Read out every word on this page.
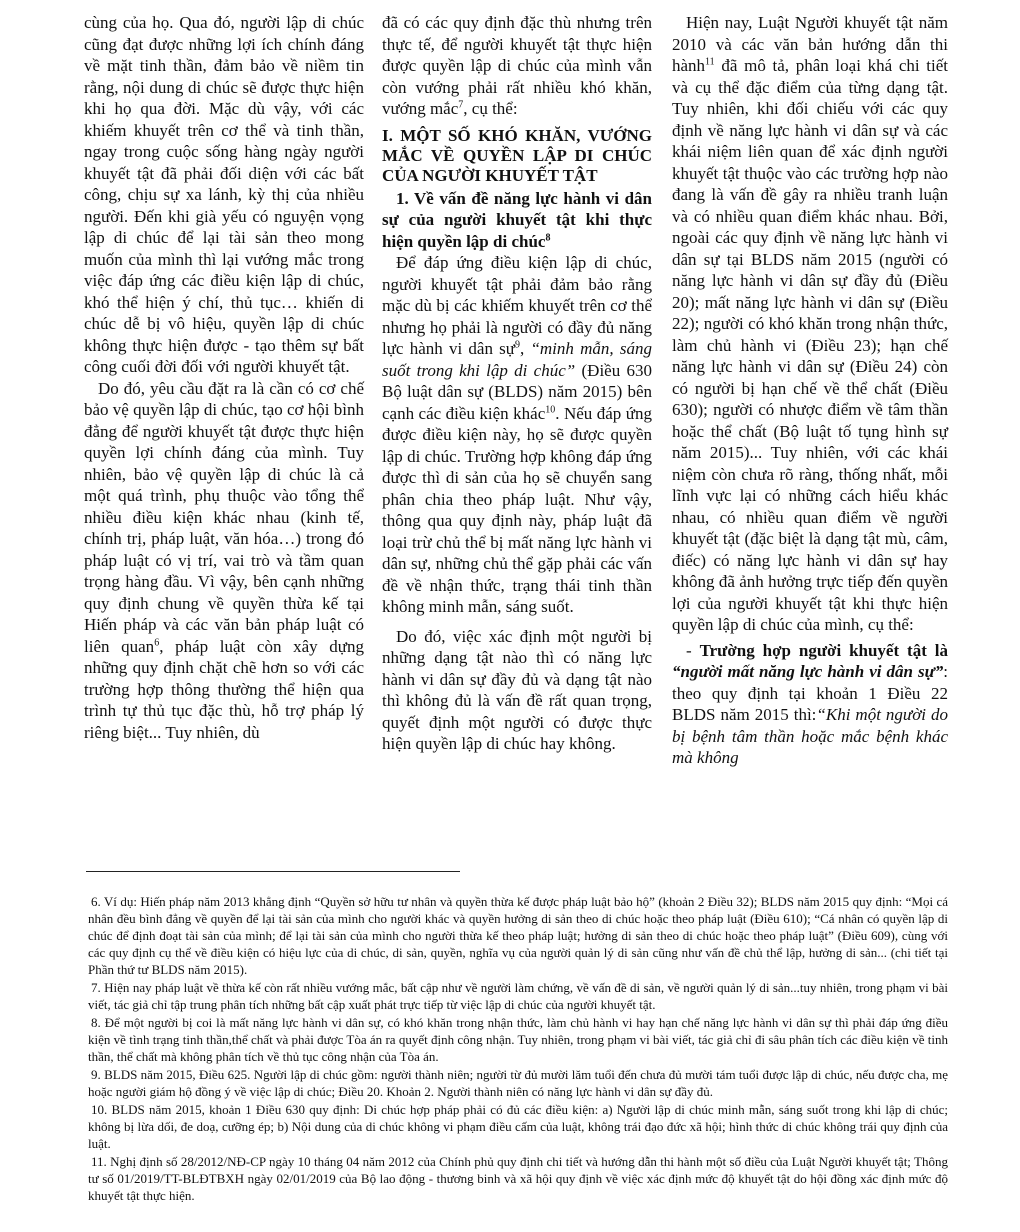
cùng của họ. Qua đó, người lập di chúc cũng đạt được những lợi ích chính đáng về mặt tinh thần, đảm bảo về niềm tin rằng, nội dung di chúc sẽ được thực hiện khi họ qua đời. Mặc dù vậy, với các khiếm khuyết trên cơ thể và tinh thần, ngay trong cuộc sống hàng ngày người khuyết tật đã phải đối diện với các bất công, chịu sự xa lánh, kỳ thị của nhiều người. Đến khi già yếu có nguyện vọng lập di chúc để lại tài sản theo mong muốn của mình thì lại vướng mắc trong việc đáp ứng các điều kiện lập di chúc, khó thể hiện ý chí, thủ tục… khiến di chúc dễ bị vô hiệu, quyền lập di chúc không thực hiện được - tạo thêm sự bất công cuối đời đối với người khuyết tật.

Do đó, yêu cầu đặt ra là cần có cơ chế bảo vệ quyền lập di chúc, tạo cơ hội bình đẳng để người khuyết tật được thực hiện quyền lợi chính đáng của mình. Tuy nhiên, bảo vệ quyền lập di chúc là cả một quá trình, phụ thuộc vào tổng thể nhiều điều kiện khác nhau (kinh tế, chính trị, pháp luật, văn hóa…) trong đó pháp luật có vị trí, vai trò và tầm quan trọng hàng đầu. Vì vậy, bên cạnh những quy định chung về quyền thừa kế tại Hiến pháp và các văn bản pháp luật có liên quan$^6$, pháp luật còn xây dựng những quy định chặt chẽ hơn so với các trường hợp thông thường thể hiện qua trình tự thủ tục đặc thù, hỗ trợ pháp lý riêng biệt... Tuy nhiên, dù

đã có các quy định đặc thù nhưng trên thực tế, để người khuyết tật thực hiện được quyền lập di chúc của mình vẫn còn vướng phải rất nhiều khó khăn, vướng mắc$^7$, cụ thể:

I. MỘT SỐ KHÓ KHĂN, VƯỚNG MẮC VỀ QUYỀN LẬP DI CHÚC CỦA NGƯỜI KHUYẾT TẬT

1. Về vấn đề năng lực hành vi dân sự của người khuyết tật khi thực hiện quyền lập di chúc$^8$

Để đáp ứng điều kiện lập di chúc, người khuyết tật phải đảm bảo rằng mặc dù bị các khiếm khuyết trên cơ thể nhưng họ phải là người có đầy đủ năng lực hành vi dân sự$^9$, “minh mẫn, sáng suốt trong khi lập di chúc” (Điều 630 Bộ luật dân sự (BLDS) năm 2015) bên cạnh các điều kiện khác$^{10}$. Nếu đáp ứng được điều kiện này, họ sẽ được quyền lập di chúc. Trường hợp không đáp ứng được thì di sản của họ sẽ chuyển sang phân chia theo pháp luật. Như vậy, thông qua quy định này, pháp luật đã loại trừ chủ thể bị mất năng lực hành vi dân sự, những chủ thể gặp phải các vấn đề về nhận thức, trạng thái tinh thần không minh mẫn, sáng suốt.

Do đó, việc xác định một người bị những dạng tật nào thì có năng lực hành vi dân sự đầy đủ và dạng tật nào thì không đủ là vấn đề rất quan trọng, quyết định một người có được thực hiện quyền lập di chúc hay không.

Hiện nay, Luật Người khuyết tật năm 2010 và các văn bản hướng dẫn thi hành$^{11}$ đã mô tả, phân loại khá chi tiết và cụ thể đặc điểm của từng dạng tật. Tuy nhiên, khi đối chiếu với các quy định về năng lực hành vi dân sự và các khái niệm liên quan để xác định người khuyết tật thuộc vào các trường hợp nào đang là vấn đề gây ra nhiều tranh luận và có nhiều quan điểm khác nhau. Bởi, ngoài các quy định về năng lực hành vi dân sự tại BLDS năm 2015 (người có năng lực hành vi dân sự đầy đủ (Điều 20); mất năng lực hành vi dân sự (Điều 22); người có khó khăn trong nhận thức, làm chủ hành vi (Điều 23); hạn chế năng lực hành vi dân sự (Điều 24) còn có người bị hạn chế về thể chất (Điều 630); người có nhược điểm về tâm thần hoặc thể chất (Bộ luật tố tụng hình sự năm 2015)... Tuy nhiên, với các khái niệm còn chưa rõ ràng, thống nhất, mỗi lĩnh vực lại có những cách hiểu khác nhau, có nhiều quan điểm về người khuyết tật (đặc biệt là dạng tật mù, câm, điếc) có năng lực hành vi dân sự hay không đã ảnh hưởng trực tiếp đến quyền lợi của người khuyết tật khi thực hiện quyền lập di chúc của mình, cụ thể:

- Trường hợp người khuyết tật là “người mất năng lực hành vi dân sự”: theo quy định tại khoản 1 Điều 22 BLDS năm 2015 thì:“Khi một người do bị bệnh tâm thần hoặc mắc bệnh khác mà không

6. Ví dụ: Hiến pháp năm 2013 khẳng định “Quyền sở hữu tư nhân và quyền thừa kế được pháp luật bảo hộ” (khoản 2 Điều 32); BLDS năm 2015 quy định: “Mọi cá nhân đều bình đẳng về quyền để lại tài sản của mình cho người khác và quyền hưởng di sản theo di chúc hoặc theo pháp luật (Điều 610); “Cá nhân có quyền lập di chúc để định đoạt tài sản của mình; để lại tài sản của mình cho người thừa kế theo pháp luật; hưởng di sản theo di chúc hoặc theo pháp luật” (Điều 609), cùng với các quy định cụ thể về điều kiện có hiệu lực của di chúc, di sản, quyền, nghĩa vụ của người quản lý di sản cũng như vấn đề chủ thể lập, hưởng di sản... (chi tiết tại Phần thứ tư BLDS năm 2015).

7. Hiện nay pháp luật về thừa kế còn rất nhiều vướng mắc, bất cập như về người làm chứng, về vấn đề di sản, về người quản lý di sản...tuy nhiên, trong phạm vi bài viết, tác giả chỉ tập trung phân tích những bất cập xuất phát trực tiếp từ việc lập di chúc của người khuyết tật.

8. Để một người bị coi là mất năng lực hành vi dân sự, có khó khăn trong nhận thức, làm chủ hành vi hay hạn chế năng lực hành vi dân sự thì phải đáp ứng điều kiện về tình trạng tinh thần,thể chất và phải được Tòa án ra quyết định công nhận. Tuy nhiên, trong phạm vi bài viết, tác giả chỉ đi sâu phân tích các điều kiện về tinh thần, thể chất mà không phân tích về thủ tục công nhận của Tòa án.

9. BLDS năm 2015, Điều 625. Người lập di chúc gồm: người thành niên; người từ đủ mười lăm tuổi đến chưa đủ mười tám tuổi được lập di chúc, nếu được cha, mẹ hoặc người giám hộ đồng ý về việc lập di chúc; Điều 20. Khoản 2. Người thành niên có năng lực hành vi dân sự đầy đủ.

10. BLDS năm 2015, khoản 1 Điều 630 quy định: Di chúc hợp pháp phải có đủ các điều kiện: a) Người lập di chúc minh mẫn, sáng suốt trong khi lập di chúc; không bị lừa dối, đe doạ, cưỡng ép; b) Nội dung của di chúc không vi phạm điều cấm của luật, không trái đạo đức xã hội; hình thức di chúc không trái quy định của luật.

11. Nghị định số 28/2012/NĐ-CP ngày 10 tháng 04 năm 2012 của Chính phủ quy định chi tiết và hướng dẫn thi hành một số điều của Luật Người khuyết tật; Thông tư số 01/2019/TT-BLĐTBXH ngày 02/01/2019 của Bộ lao động - thương binh và xã hội quy định về việc xác định mức độ khuyết tật do hội đồng xác định mức độ khuyết tật thực hiện.
